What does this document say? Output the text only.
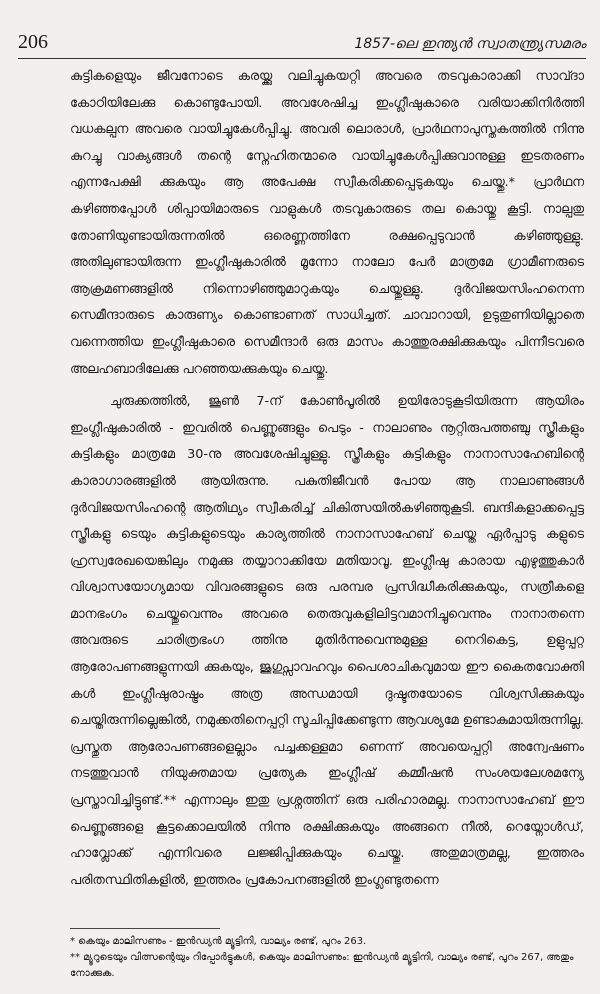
206	1857-ലെ ഇന്ത്യൻ സ്വാതന്ത്ര്യസമരം

കുട്ടികളെയും ജീവനോടെ കരയ്ക്കു വലിച്ചുകയറ്റി അവരെ തടവുകാരാക്കി സാവ്ദാ കോഠിയിലേക്കു കൊണ്ടുപോയി. അവശേഷിച്ച ഇംഗ്ലീഷുകാരെ വരിയാക്കിനിർത്തി വധകല്പന അവരെ വായിച്ചുകേൾപ്പിച്ചു. അവരി ലൊരാൾ, പ്രാർഥനാപുസ്തകത്തിൽ നിന്നു കുറച്ചു വാക്യങ്ങൾ തന്റെ സ്നേഹിതന്മാരെ വായിച്ചുകേൾപ്പിക്കുവാനുള്ള ഇടതരണം എന്നപേക്ഷി ക്കുകയും ആ അപേക്ഷ സ്വീകരിക്കപ്പെടുകയും ചെയ്തു.* പ്രാർഥന കഴിഞ്ഞപ്പോൾ ശിപ്പായിമാരുടെ വാളുകൾ തടവുകാരുടെ തല കൊയ്തു കൂട്ടി. നാല്പതു തോണിയുണ്ടായിരുന്നതിൽ ഒരെണ്ണത്തിനേ രക്ഷപ്പെടുവാൻ കഴിഞ്ഞുള്ളു. അതിലുണ്ടായിരുന്ന ഇംഗ്ലീഷുകാരിൽ മൂന്നോ നാലോ പേർ മാത്രമേ ഗ്രാമീണരുടെ ആക്രമണങ്ങളിൽ നിന്നൊഴിഞ്ഞുമാറുകയും ചെയ്തുള്ളു. ദുർവിജയസിംഹനെന്ന സെമീന്ദാരുടെ കാരുണ്യം കൊണ്ടാണത് സാധിച്ചത്. ചാവാറായി, ഉടുതുണിയില്ലാതെ വന്നെത്തിയ ഇംഗ്ലീഷുകാരെ സെമീന്ദാർ ഒരു മാസം കാത്തുരക്ഷിക്കുകയും പിന്നീടവരെ അലഹബാദിലേക്കു പറഞ്ഞയക്കുകയും ചെയ്തു.

ചുരുക്കത്തിൽ, ജൂൺ 7-ന് കോൺപൂരിൽ ഉയിരോടുകൂടിയിരുന്ന ആയിരം ഇംഗ്ലീഷുകാരിൽ - ഇവരിൽ പെണ്ണുങ്ങളും പെടും - നാലാണും നൂറ്റിരുപത്തഞ്ചു സ്ത്രീകളും കുട്ടികളും മാത്രമേ 30-നു അവശേഷിച്ചുള്ളു. സ്ത്രീകളും കുട്ടികളും നാനാസാഹേബിന്റെ കാരാഗാരങ്ങളിൽ ആയിരുന്നു. പകുതിജീവൻ പോയ ആ നാലാണുങ്ങൾ ദുർവിജയസിംഹന്റെ ആതിഥ്യം സ്വീകരിച്ച് ചികിത്സയിൽകഴിഞ്ഞുകൂടി. ബന്ദികളാക്കപ്പെട്ട സ്ത്രീകളു ടെയും കുട്ടികളുടെയും കാര്യത്തിൽ നാനാസാഹേബ് ചെയ്ത ഏർപ്പാടു കളുടെ ഹ്രസ്വരേഖയെങ്കിലും നമുക്കു തയ്യാറാക്കിയേ മതിയാവൂ. ഇംഗ്ലീഷു കാരായ എഴുത്തുകാർ വിശ്വാസയോഗ്യമായ വിവരങ്ങളുടെ ഒരു പരമ്പര പ്രസിദ്ധീകരിക്കുകയും, സത്രീകളെ മാനഭംഗം ചെയ്തുവെന്നും അവരെ തെരുവുകളിലിട്ടവമാനിച്ചുവെന്നും നാനാതന്നെ അവരുടെ ചാരിത്രഭംഗ ത്തിനു മുതിർന്നുവെന്നുമുള്ള നെറികെട്ട, ഉളുപ്പറ്റ ആരോപണങ്ങളുന്നയി ക്കുകയും, ജുഗുപ്സാവഹവും പൈശാചികവുമായ ഈ കൈതവോക്തി കൾ ഇംഗ്ലീഷുരാഷ്ട്രം അത്ര അന്ധമായി ദുഷ്ടതയോടെ വിശ്വസിക്കുകയും ചെയ്തിരുന്നില്ലെങ്കിൽ, നമുക്കതിനെപ്പറ്റി സൂചിപ്പിക്കേണ്ടുന്ന ആവശ്യമേ ഉണ്ടാകുമായിരുന്നില്ല. പ്രസ്തുത ആരോപണങ്ങളെല്ലാം പച്ചക്കള്ളമാ ണെന്ന് അവയെപ്പറ്റി അന്വേഷണം നടത്തുവാൻ നിയുക്തമായ പ്രത്യേക ഇംഗ്ലീഷ് കമ്മീഷൻ സംശയലേശമന്യേ പ്രസ്താവിച്ചിട്ടുണ്ട്.** എന്നാലും ഇതു പ്രശ്നത്തിന് ഒരു പരിഹാരമല്ല. നാനാസാഹേബ് ഈ പെണ്ണുങ്ങളെ കൂട്ടക്കൊലയിൽ നിന്നു രക്ഷിക്കുകയും അങ്ങനെ നീൽ, റെയ്നോൾഡ്, ഹാവ്ലോക്ക് എന്നിവരെ ലജ്ജിപ്പിക്കുകയും ചെയ്തു. അതുമാത്രമല്ല, ഇത്തരം പരിതസ്ഥിതികളിൽ, ഇത്തരം പ്രകോപനങ്ങളിൽ ഇംഗ്ലണ്ടുതന്നെ

* കെയും മാലിസണും - ഇൻഡ്യൻ മ്യൂട്ടിനി, വാല്യം രണ്ട്, പുറം 263.
** മ്യൂറുടെയും വിത്സന്റെയും റിപ്പോർട്ടുകൾ, കെയും മാലിസണും: ഇൻഡ്യൻ മ്യൂട്ടിനി, വാല്യം രണ്ട്, പുറം 267, അതും നോക്കുക.
